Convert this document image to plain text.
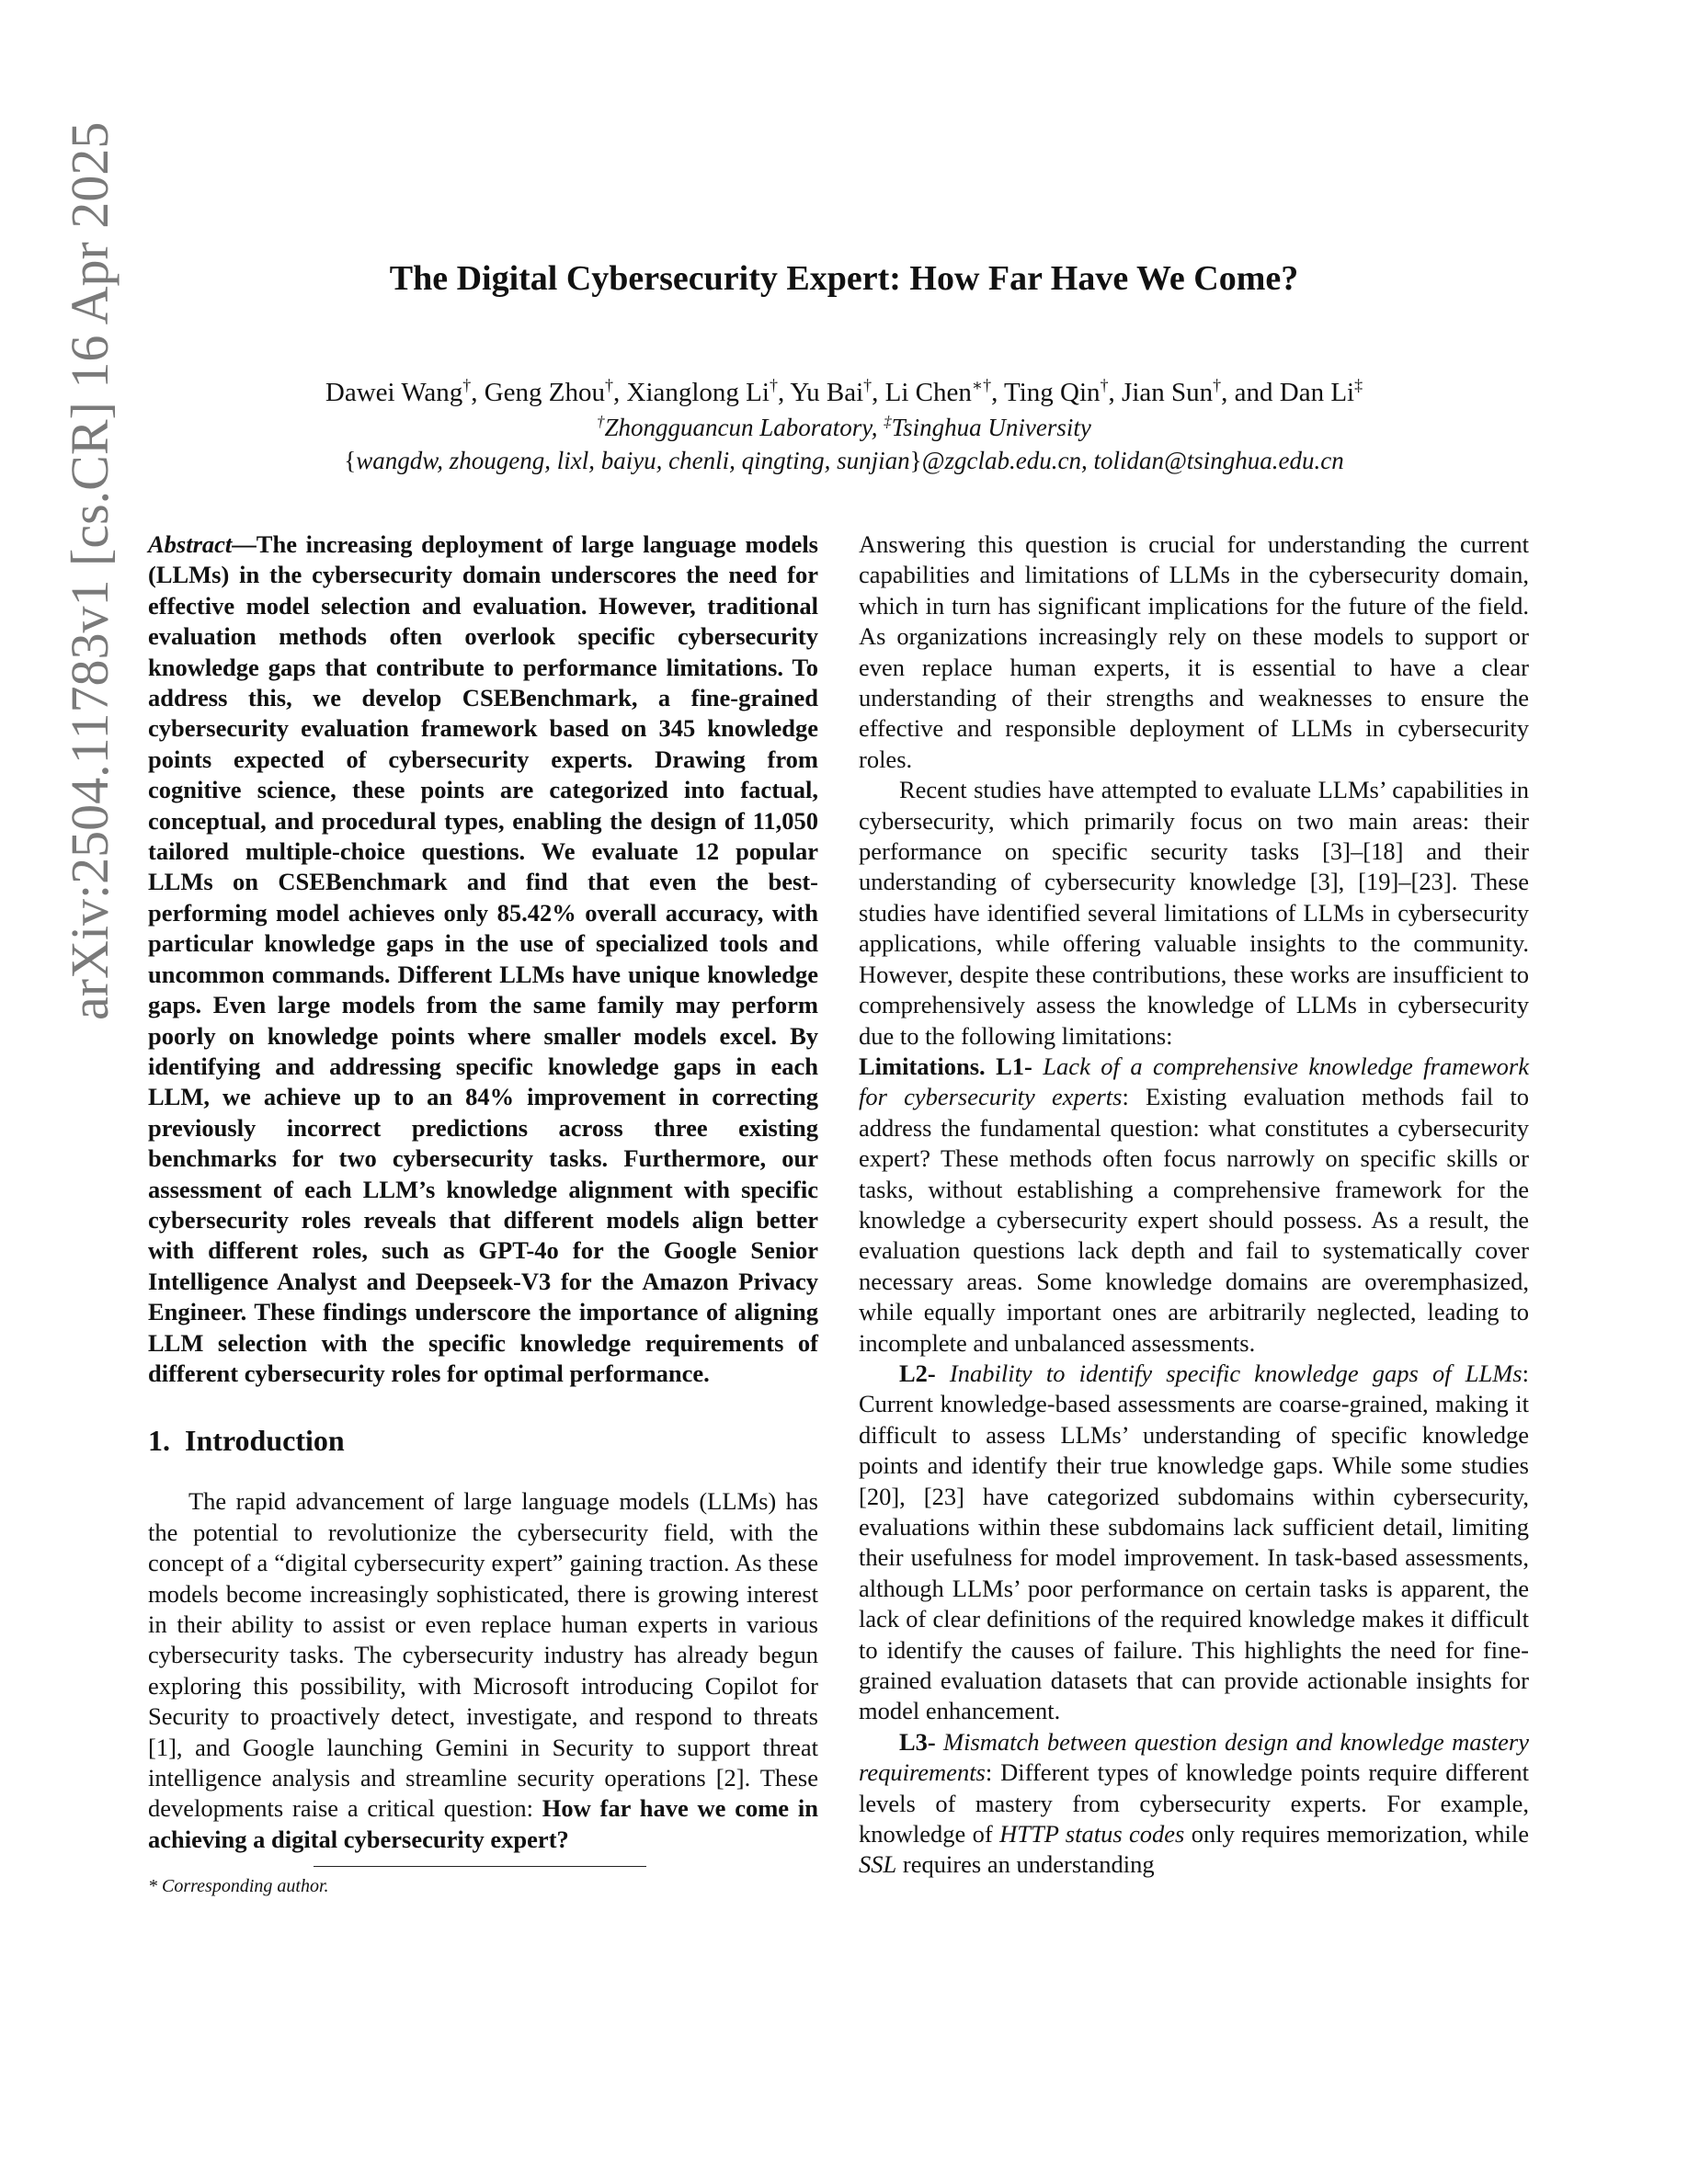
The Digital Cybersecurity Expert: How Far Have We Come?
Dawei Wang†, Geng Zhou†, Xianglong Li†, Yu Bai†, Li Chen∗†, Ting Qin†, Jian Sun†, and Dan Li‡
†Zhongguancun Laboratory, ‡Tsinghua University
{wangdw, zhougeng, lixl, baiyu, chenli, qingting, sunjian}@zgclab.edu.cn, tolidan@tsinghua.edu.cn
arXiv:2504.11783v1 [cs.CR] 16 Apr 2025	Abstract—The increasing deployment of large language models (LLMs) in the cybersecurity domain underscores the need for effective model selection and evaluation. However, traditional evaluation methods often overlook specific cybersecurity knowledge gaps that contribute to performance limitations. To address this, we develop CSEBenchmark, a fine-grained cybersecurity evaluation framework based on 345 knowledge points expected of cybersecurity experts. Drawing from cognitive science, these points are categorized into factual, conceptual, and procedural types, enabling the design of 11,050 tailored multiple-choice questions. We evaluate 12 popular LLMs on CSEBenchmark and find that even the best-performing model achieves only 85.42% overall accuracy, with particular knowledge gaps in the use of specialized tools and uncommon commands. Different LLMs have unique knowledge gaps. Even large models from the same family may perform poorly on knowledge points where smaller models excel. By identifying and addressing specific knowledge gaps in each LLM, we achieve up to an 84% improvement in correcting previously incorrect predictions across three existing benchmarks for two cybersecurity tasks. Furthermore, our assessment of each LLM’s knowledge alignment with specific cybersecurity roles reveals that different models align better with different roles, such as GPT-4o for the Google Senior Intelligence Analyst and Deepseek-V3 for the Amazon Privacy Engineer. These findings underscore the importance of aligning LLM selection with the specific knowledge requirements of different cybersecurity roles for optimal performance.

1. Introduction

The rapid advancement of large language models (LLMs) has the potential to revolutionize the cybersecurity field, with the concept of a “digital cybersecurity expert” gaining traction. As these models become increasingly sophisticated, there is growing interest in their ability to assist or even replace human experts in various cybersecurity tasks. The cybersecurity industry has already begun exploring this possibility, with Microsoft introducing Copilot for Security to proactively detect, investigate, and respond to threats [1], and Google launching Gemini in Security to support threat intelligence analysis and streamline security operations [2]. These developments raise a critical question: How far have we come in achieving a digital cybersecurity expert?

* Corresponding author.

Answering this question is crucial for understanding the current capabilities and limitations of LLMs in the cybersecurity domain, which in turn has significant implications for the future of the field. As organizations increasingly rely on these models to support or even replace human experts, it is essential to have a clear understanding of their strengths and weaknesses to ensure the effective and responsible deployment of LLMs in cybersecurity roles.

Recent studies have attempted to evaluate LLMs’ capabilities in cybersecurity, which primarily focus on two main areas: their performance on specific security tasks [3]–[18] and their understanding of cybersecurity knowledge [3], [19]–[23]. These studies have identified several limitations of LLMs in cybersecurity applications, while offering valuable insights to the community. However, despite these contributions, these works are insufficient to comprehensively assess the knowledge of LLMs in cybersecurity due to the following limitations:

Limitations. L1- Lack of a comprehensive knowledge framework for cybersecurity experts: Existing evaluation methods fail to address the fundamental question: what constitutes a cybersecurity expert? These methods often focus narrowly on specific skills or tasks, without establishing a comprehensive framework for the knowledge a cybersecurity expert should possess. As a result, the evaluation questions lack depth and fail to systematically cover necessary areas. Some knowledge domains are overemphasized, while equally important ones are arbitrarily neglected, leading to incomplete and unbalanced assessments.

L2- Inability to identify specific knowledge gaps of LLMs: Current knowledge-based assessments are coarse-grained, making it difficult to assess LLMs’ understanding of specific knowledge points and identify their true knowledge gaps. While some studies [20], [23] have categorized subdomains within cybersecurity, evaluations within these subdomains lack sufficient detail, limiting their usefulness for model improvement. In task-based assessments, although LLMs’ poor performance on certain tasks is apparent, the lack of clear definitions of the required knowledge makes it difficult to identify the causes of failure. This highlights the need for fine-grained evaluation datasets that can provide actionable insights for model enhancement.

L3- Mismatch between question design and knowledge mastery requirements: Different types of knowledge points require different levels of mastery from cybersecurity experts. For example, knowledge of HTTP status codes only requires memorization, while SSL requires an understanding
